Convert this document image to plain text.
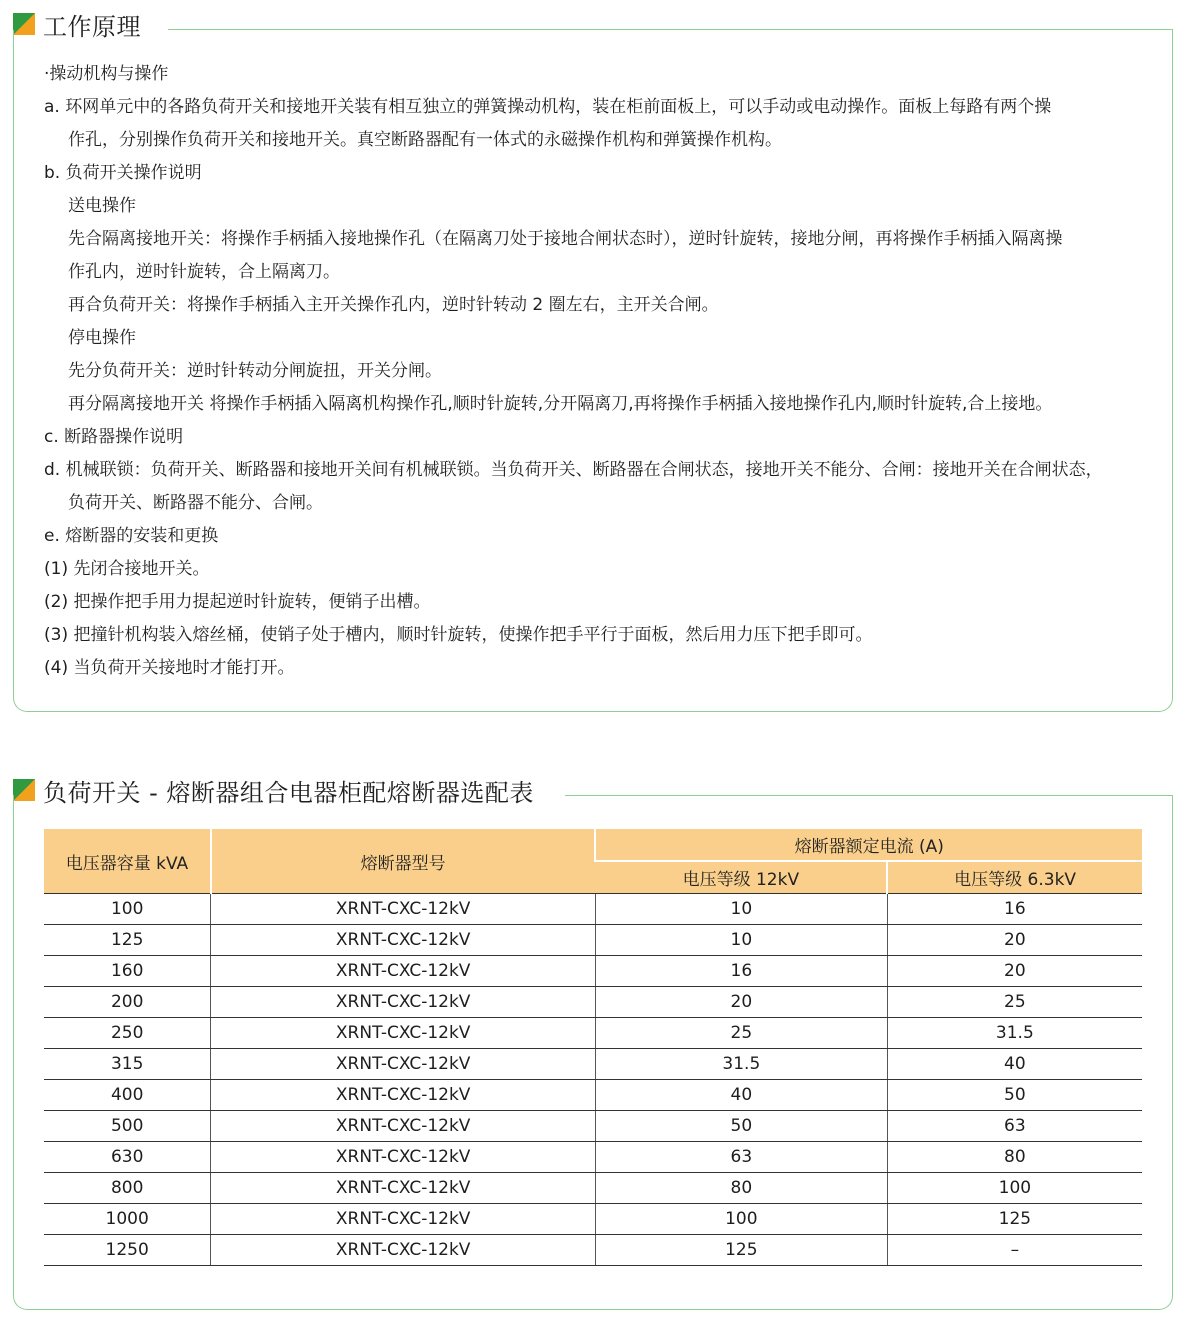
工作原理
·操动机构与操作
a. 环网单元中的各路负荷开关和接地开关装有相互独立的弹簧操动机构，装在柜前面板上，可以手动或电动操作。面板上每路有两个操
作孔，分别操作负荷开关和接地开关。真空断路器配有一体式的永磁操作机构和弹簧操作机构。
b. 负荷开关操作说明
送电操作
先合隔离接地开关：将操作手柄插入接地操作孔（在隔离刀处于接地合闸状态时），逆时针旋转，接地分闸，再将操作手柄插入隔离操
作孔内，逆时针旋转，合上隔离刀。
再合负荷开关：将操作手柄插入主开关操作孔内，逆时针转动 2 圈左右，主开关合闸。
停电操作
先分负荷开关：逆时针转动分闸旋扭，开关分闸。
再分隔离接地开关 将操作手柄插入隔离机构操作孔,顺时针旋转,分开隔离刀,再将操作手柄插入接地操作孔内,顺时针旋转,合上接地。
c. 断路器操作说明
d. 机械联锁：负荷开关、断路器和接地开关间有机械联锁。当负荷开关、断路器在合闸状态，接地开关不能分、合闸：接地开关在合闸状态，
负荷开关、断路器不能分、合闸。
e. 熔断器的安装和更换
(1) 先闭合接地开关。
(2) 把操作把手用力提起逆时针旋转，便销子出槽。
(3) 把撞针机构装入熔丝桶，使销子处于槽内，顺时针旋转，使操作把手平行于面板，然后用力压下把手即可。
(4) 当负荷开关接地时才能打开。
负荷开关 - 熔断器组合电器柜配熔断器选配表
电压器容量 kVA	熔断器型号	熔断器额定电流 (A)	
		电压等级 12kV	电压等级 6.3kV
100	XRNT-CXC-12kV	10	16
125	XRNT-CXC-12kV	10	20
160	XRNT-CXC-12kV	16	20
200	XRNT-CXC-12kV	20	25
250	XRNT-CXC-12kV	25	31.5
315	XRNT-CXC-12kV	31.5	40
400	XRNT-CXC-12kV	40	50
500	XRNT-CXC-12kV	50	63
630	XRNT-CXC-12kV	63	80
800	XRNT-CXC-12kV	80	100
1000	XRNT-CXC-12kV	100	125
1250	XRNT-CXC-12kV	125	–
